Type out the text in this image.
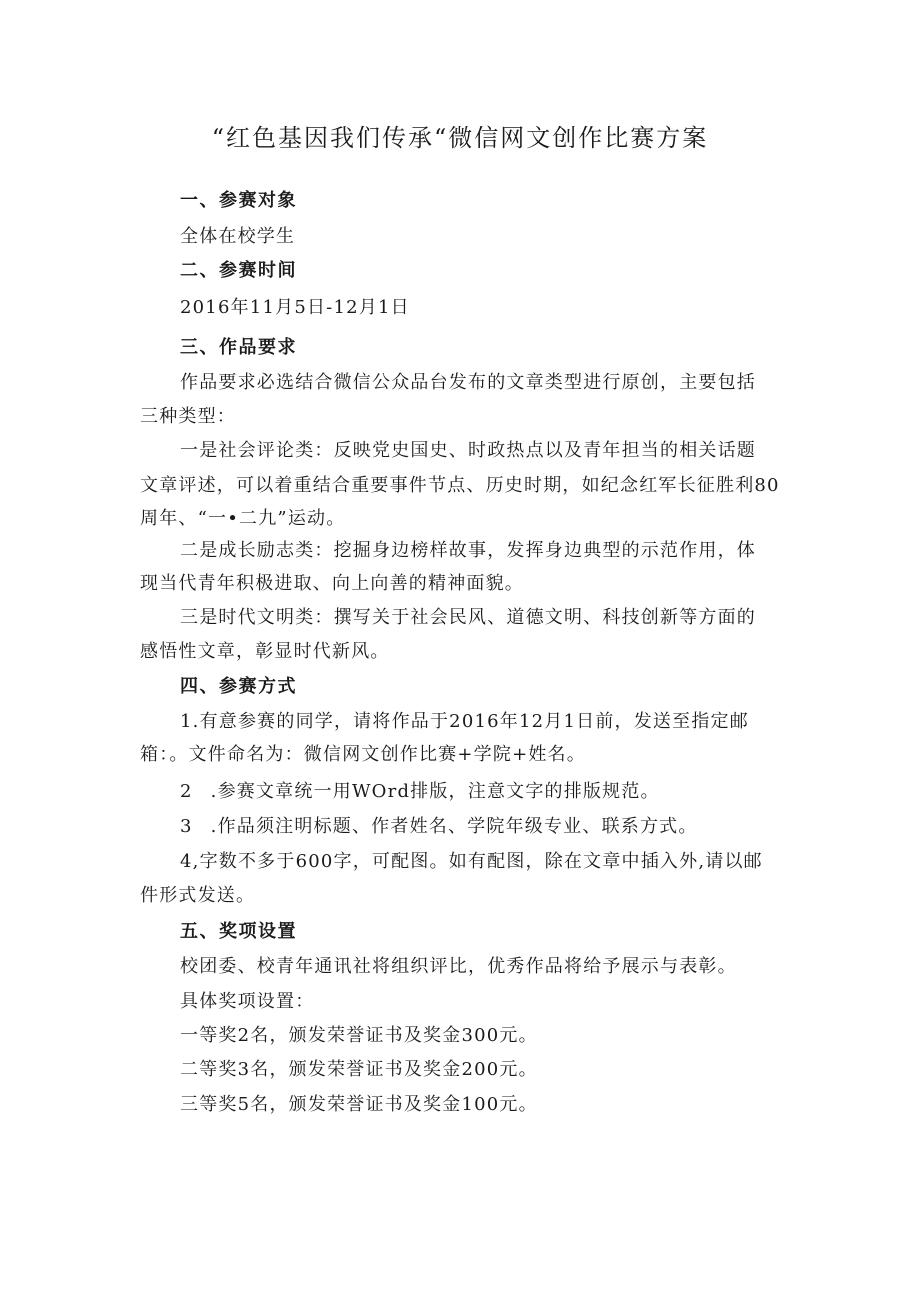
“红色基因我们传承“微信网文创作比赛方案
一、参赛对象
全体在校学生
二、参赛时间
2016年11月5日-12月1日
三、作品要求
作品要求必选结合微信公众品台发布的文章类型进行原创，主要包括
三种类型：
一是社会评论类：反映党史国史、时政热点以及青年担当的相关话题
文章评述，可以着重结合重要事件节点、历史时期，如纪念红军长征胜利80
周年、“一•二九”运动。
二是成长励志类：挖掘身边榜样故事，发挥身边典型的示范作用，体
现当代青年积极进取、向上向善的精神面貌。
三是时代文明类：撰写关于社会民风、道德文明、科技创新等方面的
感悟性文章，彰显时代新风。
四、参赛方式
1.有意参赛的同学，请将作品于2016年12月1日前，发送至指定邮
箱：。文件命名为：微信网文创作比赛+学院+姓名。
2 .参赛文章统一用WOrd排版，注意文字的排版规范。
3 .作品须注明标题、作者姓名、学院年级专业、联系方式。
4,字数不多于600字，可配图。如有配图，除在文章中插入外,请以邮
件形式发送。
五、奖项设置
校团委、校青年通讯社将组织评比，优秀作品将给予展示与表彰。
具体奖项设置：
一等奖2名，颁发荣誉证书及奖金300元。
二等奖3名，颁发荣誉证书及奖金200元。
三等奖5名，颁发荣誉证书及奖金100元。
